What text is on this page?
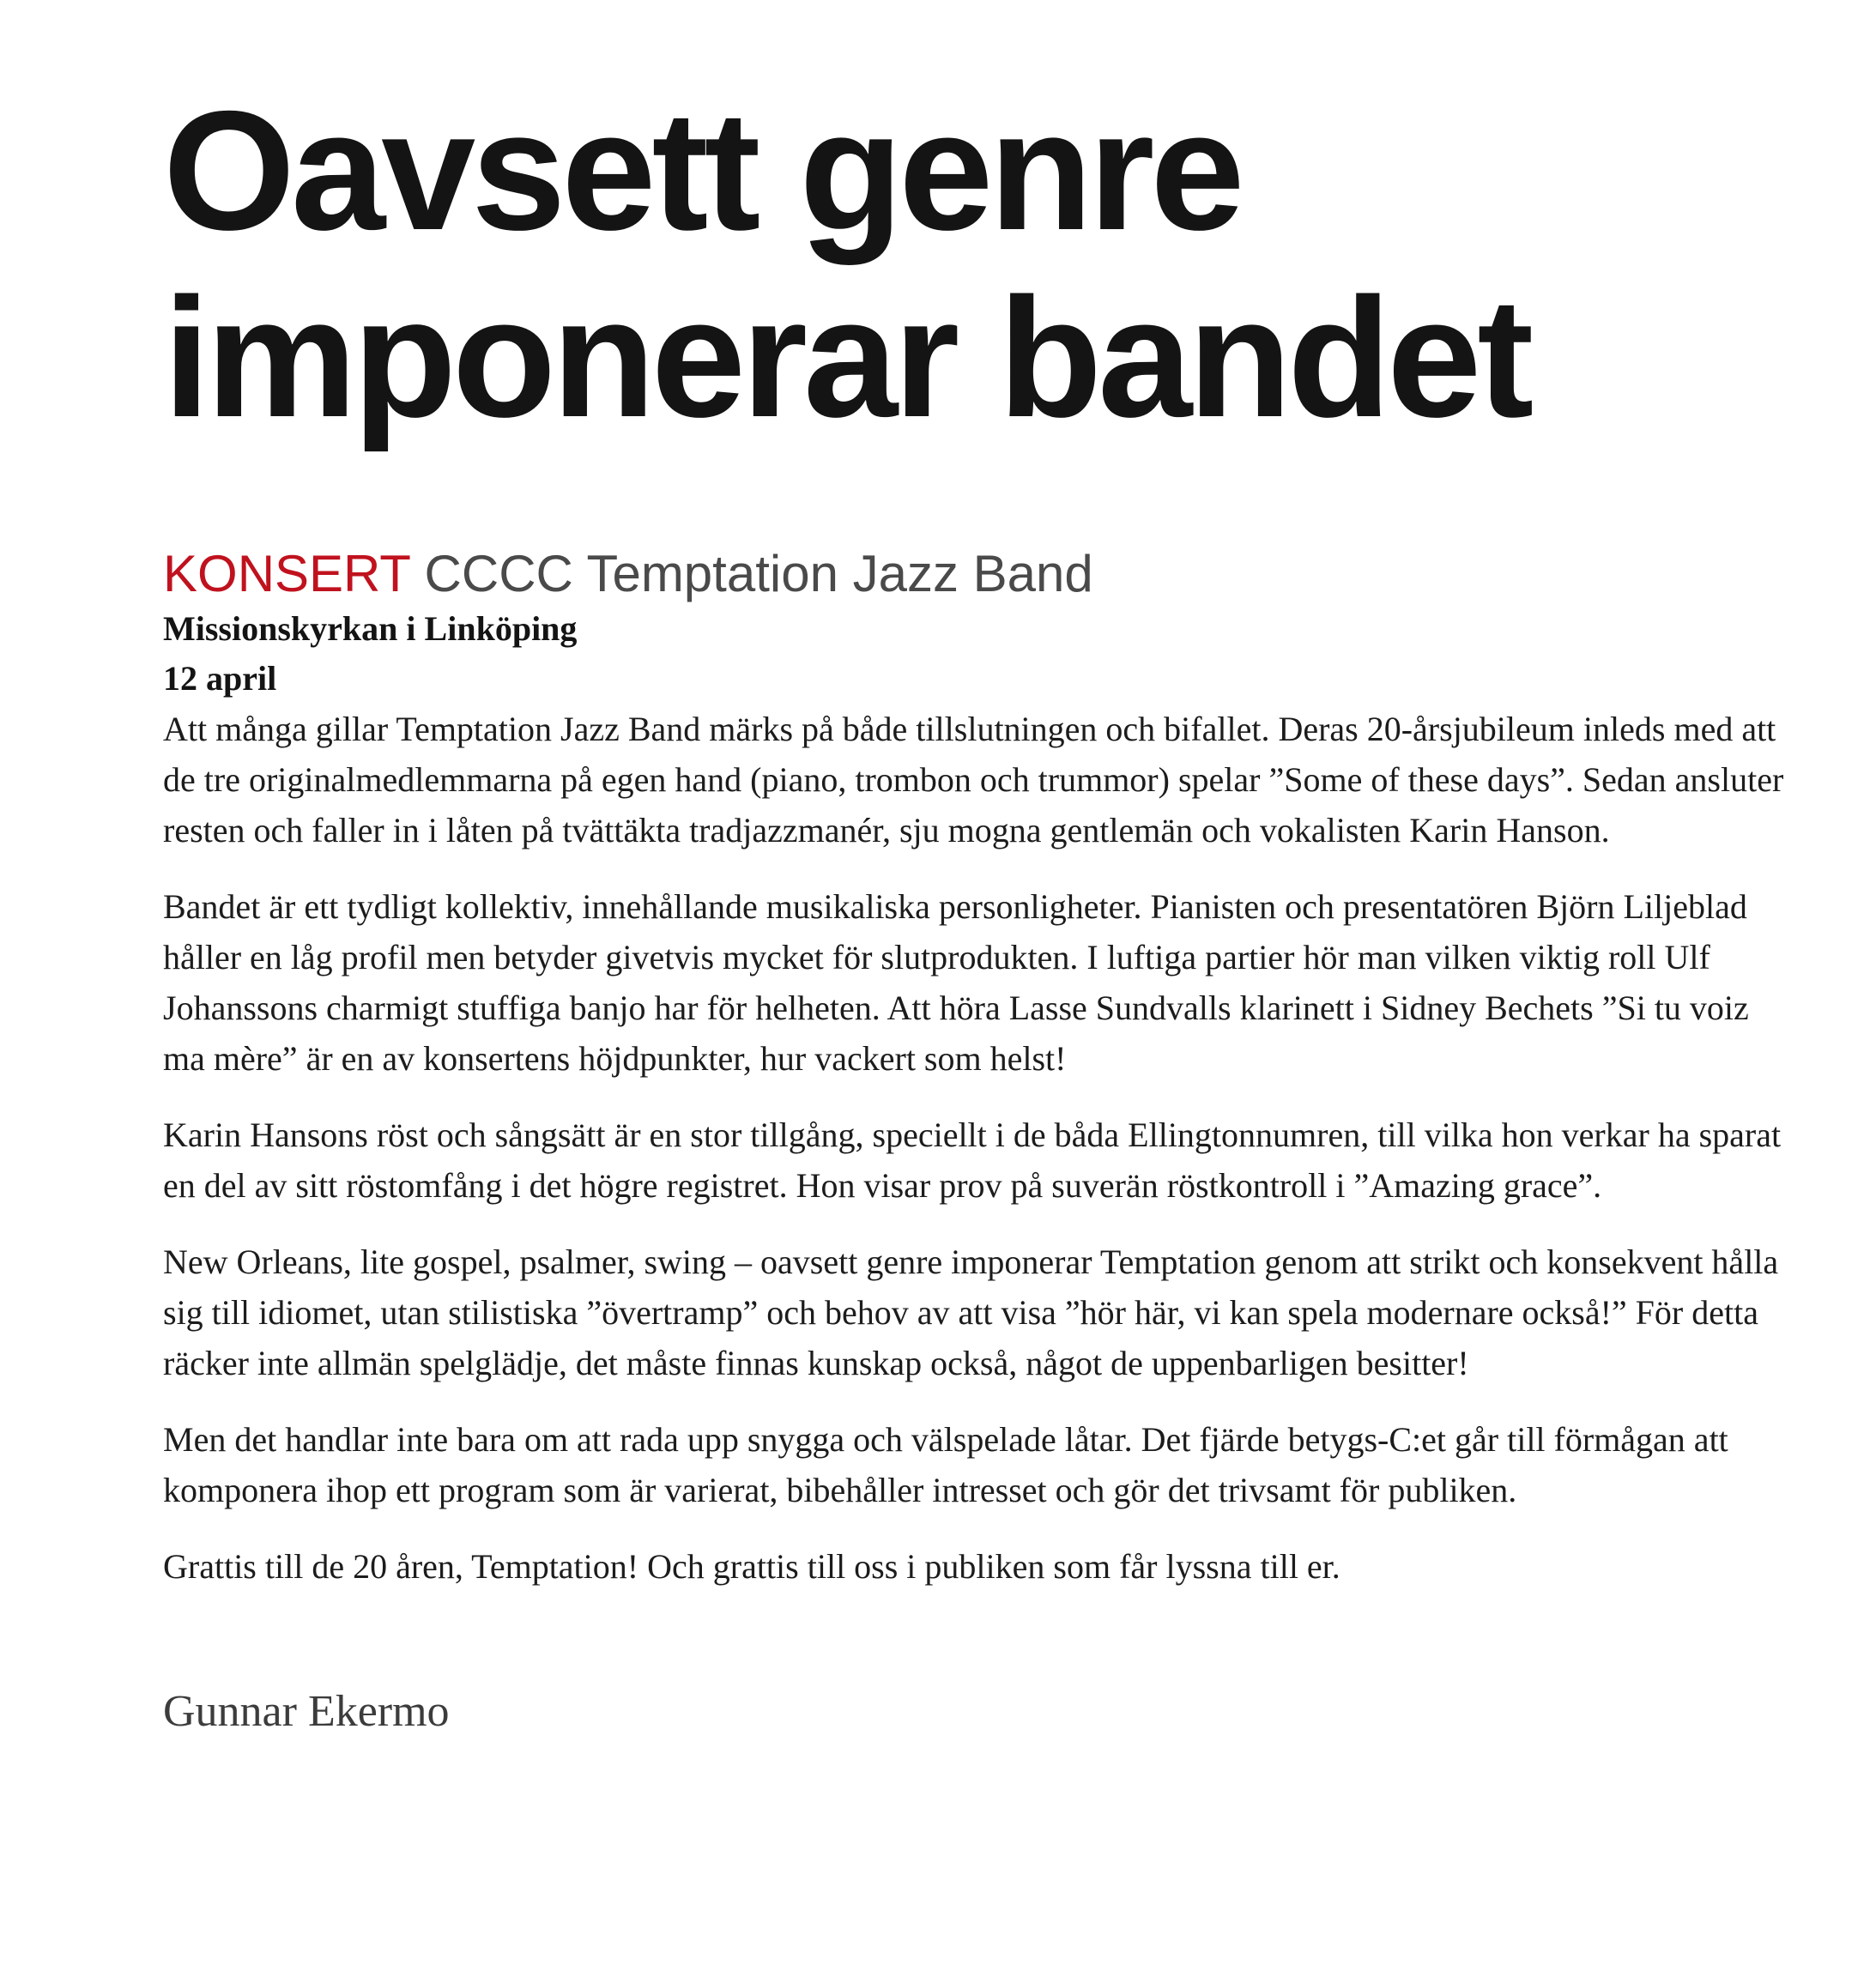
Oavsett genre
imponerar bandet
KONSERT CCCC Temptation Jazz Band
Missionskyrkan i Linköping
12 april

Att många gillar Temptation Jazz Band märks på både tillslutningen och bifallet. Deras 20-årsjubileum inleds med att de tre originalmedlemmarna på egen hand (piano, trombon och trummor) spelar ”Some of these days”. Sedan ansluter resten och faller in i låten på tvättäkta tradjazzmanér, sju mogna gentlemän och vokalisten Karin Hanson.

Bandet är ett tydligt kollektiv, innehållande musikaliska personligheter. Pianisten och presentatören Björn Liljeblad håller en låg profil men betyder givetvis mycket för slutprodukten. I luftiga partier hör man vilken viktig roll Ulf Johanssons charmigt stuffiga banjo har för helheten. Att höra Lasse Sundvalls klarinett i Sidney Bechets ”Si tu voiz ma mère” är en av konsertens höjdpunkter, hur vackert som helst!

Karin Hansons röst och sångsätt är en stor tillgång, speciellt i de båda Ellingtonnumren, till vilka hon verkar ha sparat en del av sitt röstomfång i det högre registret. Hon visar prov på suverän röstkontroll i ”Amazing grace”.

New Orleans, lite gospel, psalmer, swing – oavsett genre imponerar Temptation genom att strikt och konsekvent hålla sig till idiomet, utan stilistiska ”övertramp” och behov av att visa ”hör här, vi kan spela modernare också!” För detta räcker inte allmän spelglädje, det måste finnas kunskap också, något de uppenbarligen besitter!

Men det handlar inte bara om att rada upp snygga och välspelade låtar. Det fjärde betygs-C:et går till förmågan att komponera ihop ett program som är varierat, bibehåller intresset och gör det trivsamt för publiken.

Grattis till de 20 åren, Temptation! Och grattis till oss i publiken som får lyssna till er.

Gunnar Ekermo
